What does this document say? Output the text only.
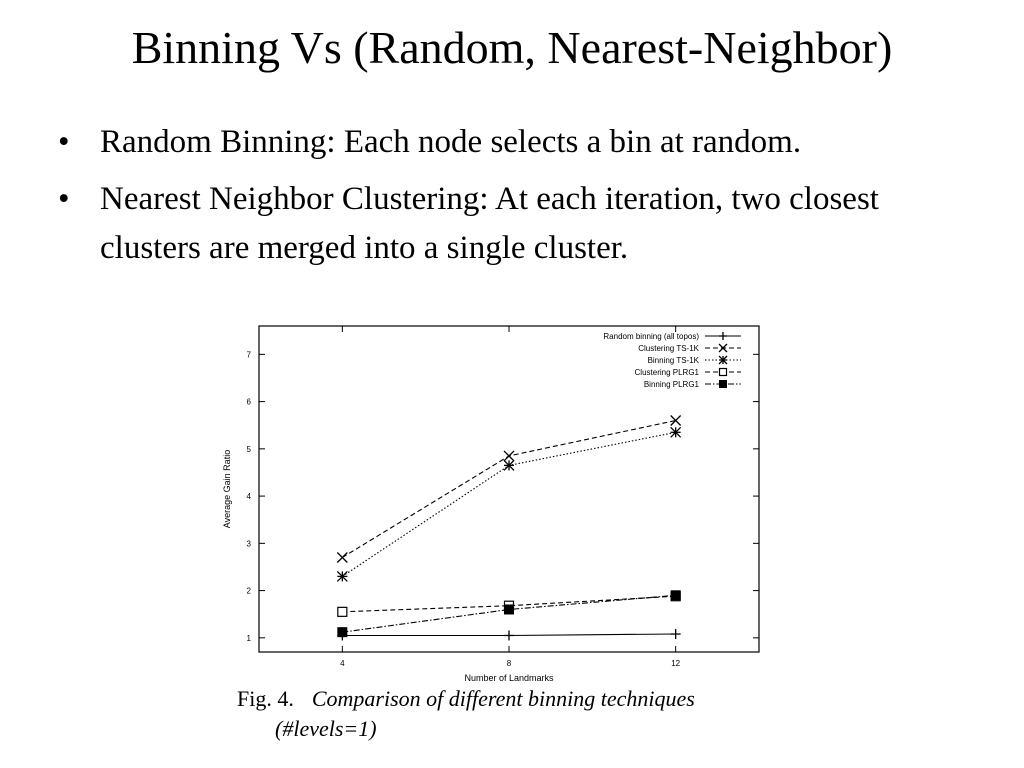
Binning Vs (Random, Nearest-Neighbor)
• Random Binning: Each node selects a bin at random.
• Nearest Neighbor Clustering: At each iteration, two closest clusters are merged into a single cluster.
Average Gain Ratio
Number of Landmarks
1
2
3
4
5
6
7
4	8	12
Random binning (all topos)
Clustering TS-1K
Binning TS-1K
Clustering PLRG1
Binning PLRG1
Fig. 4. Comparison of different binning techniques
(#levels=1)
